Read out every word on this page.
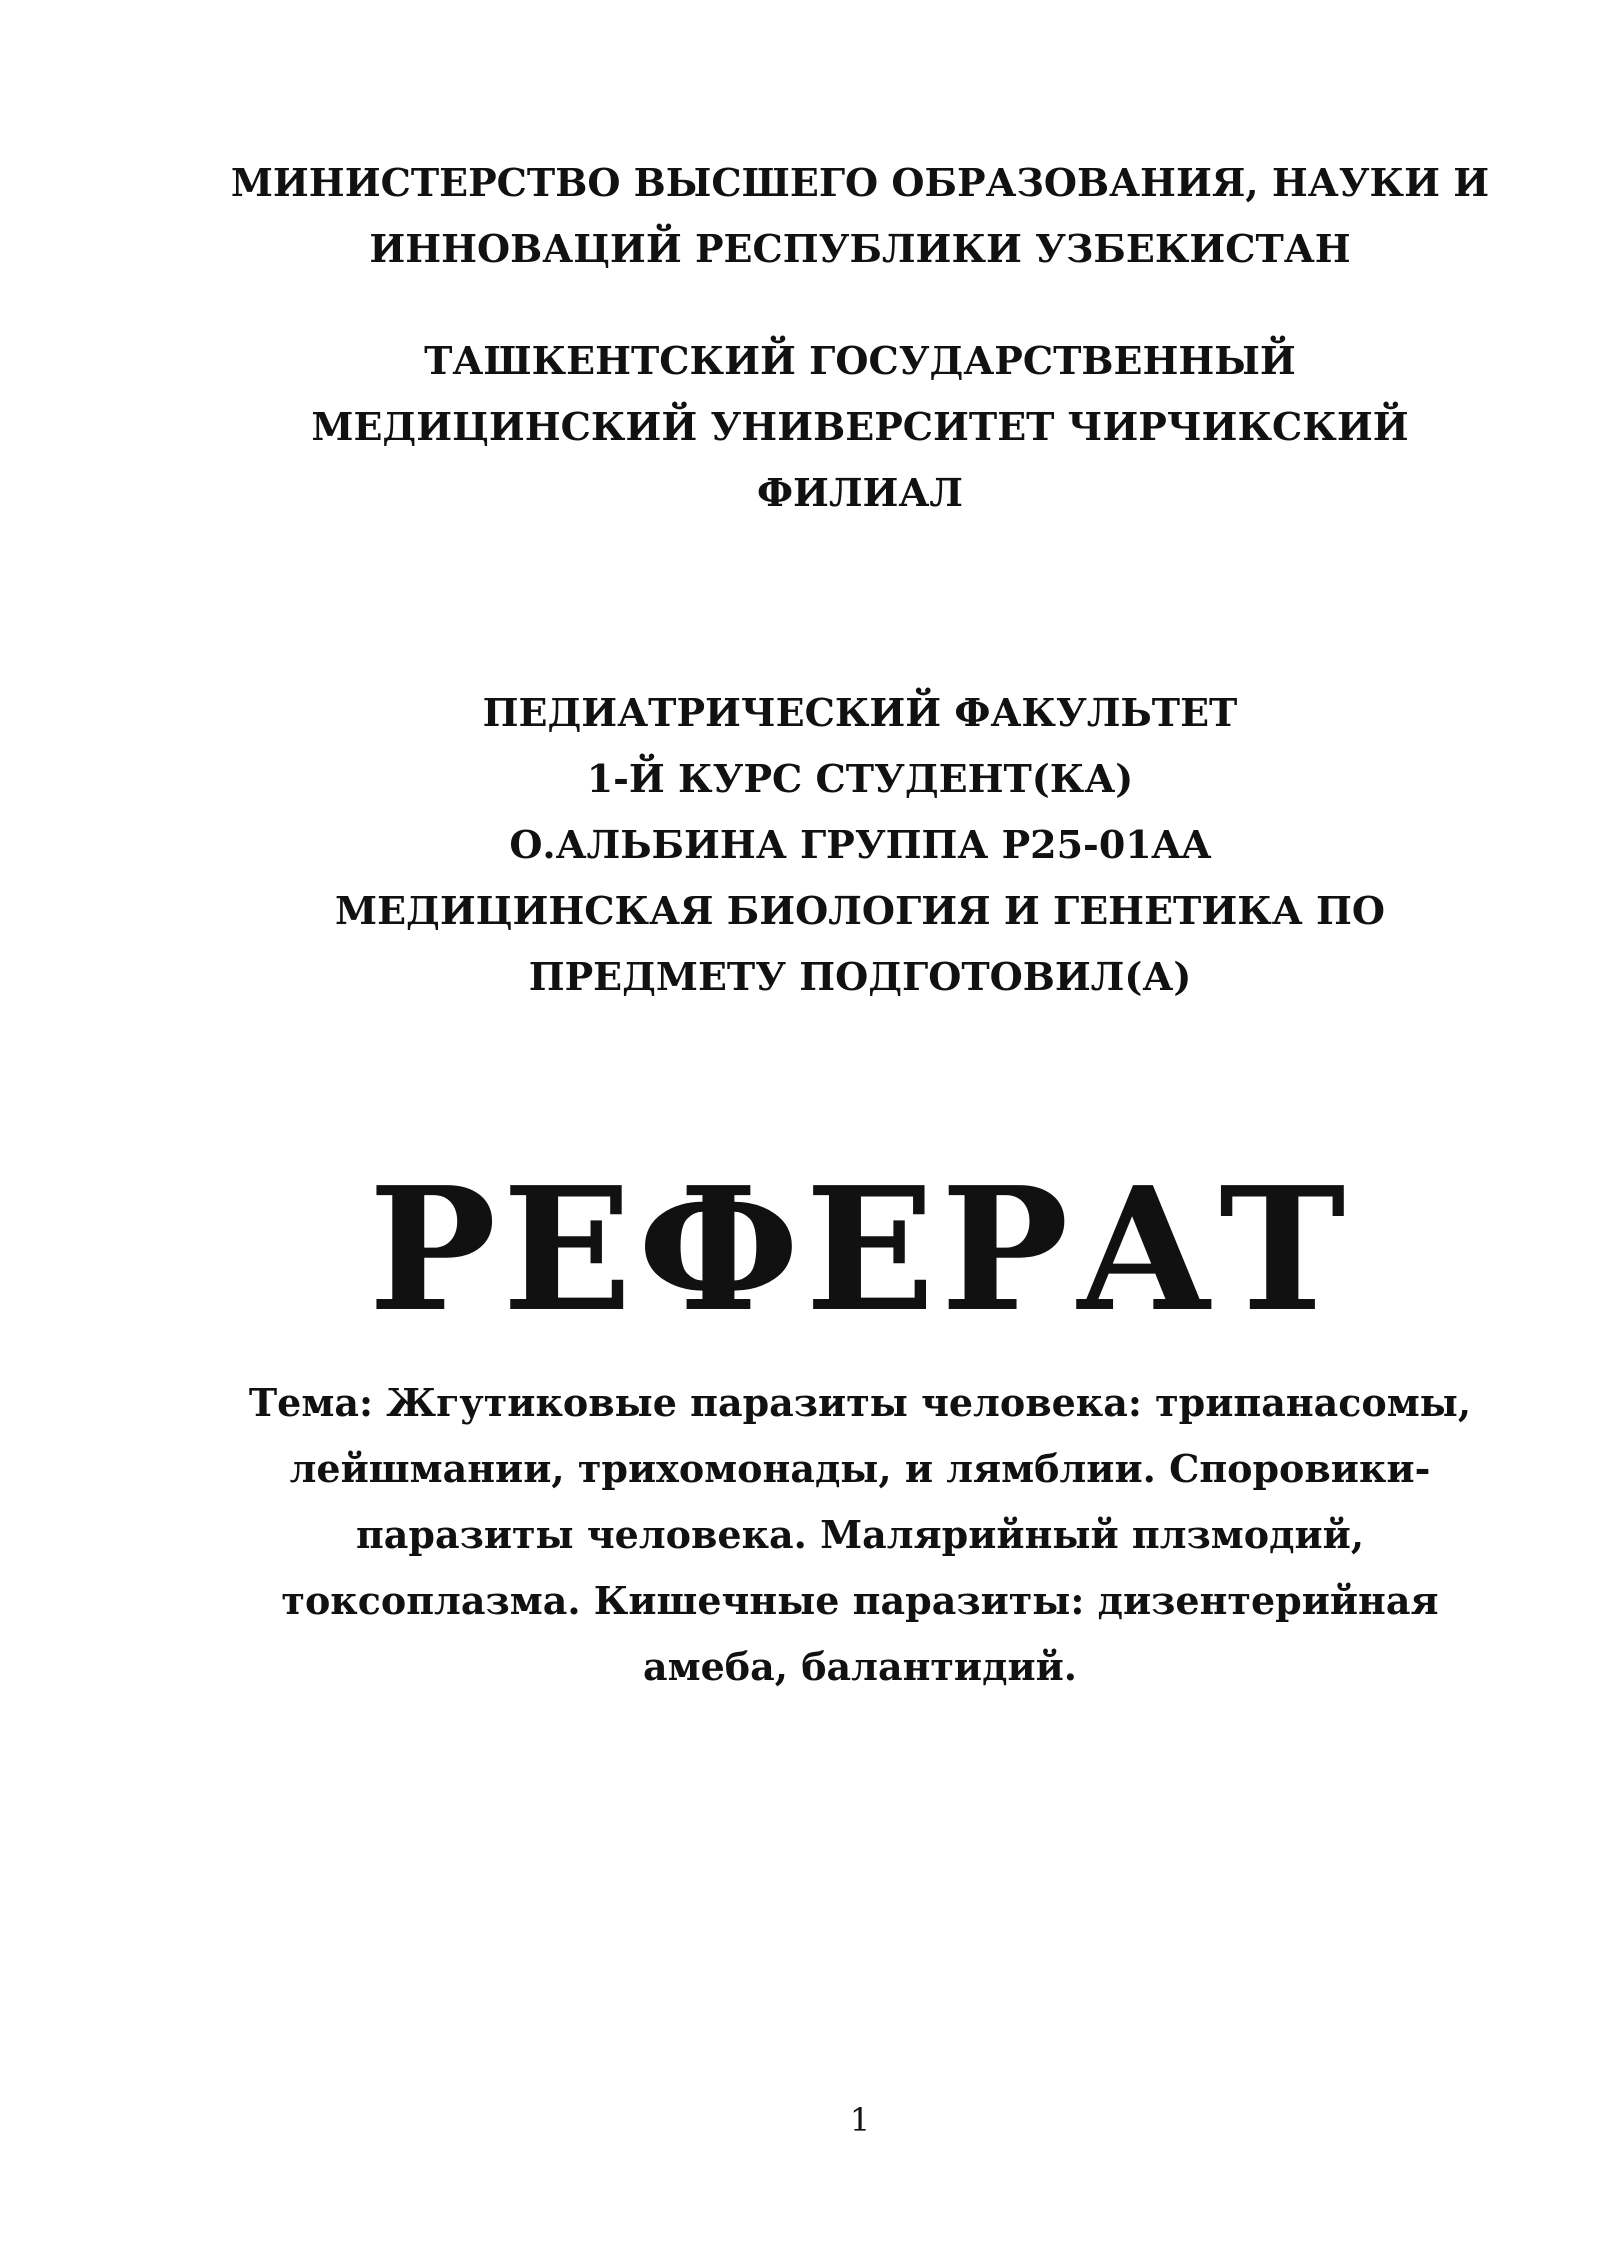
МИНИСТЕРСТВО ВЫСШЕГО ОБРАЗОВАНИЯ, НАУКИ И
ИННОВАЦИЙ РЕСПУБЛИКИ УЗБЕКИСТАН
ТАШКЕНТСКИЙ ГОСУДАРСТВЕННЫЙ
МЕДИЦИНСКИЙ УНИВЕРСИТЕТ ЧИРЧИКСКИЙ
ФИЛИАЛ
ПЕДИАТРИЧЕСКИЙ ФАКУЛЬТЕТ
1-Й КУРС СТУДЕНТ(КА)
О.АЛЬБИНА ГРУППА P25-01AA
МЕДИЦИНСКАЯ БИОЛОГИЯ И ГЕНЕТИКА ПО
ПРЕДМЕТУ ПОДГОТОВИЛ(А)
РЕФЕРАТ
Тема: Жгутиковые паразиты человека: трипанасомы,
лейшмании, трихомонады, и лямблии. Споровики-
паразиты человека. Малярийный плзмодий,
токсоплазма. Кишечные паразиты: дизентерийная
амеба, балантидий.
1
